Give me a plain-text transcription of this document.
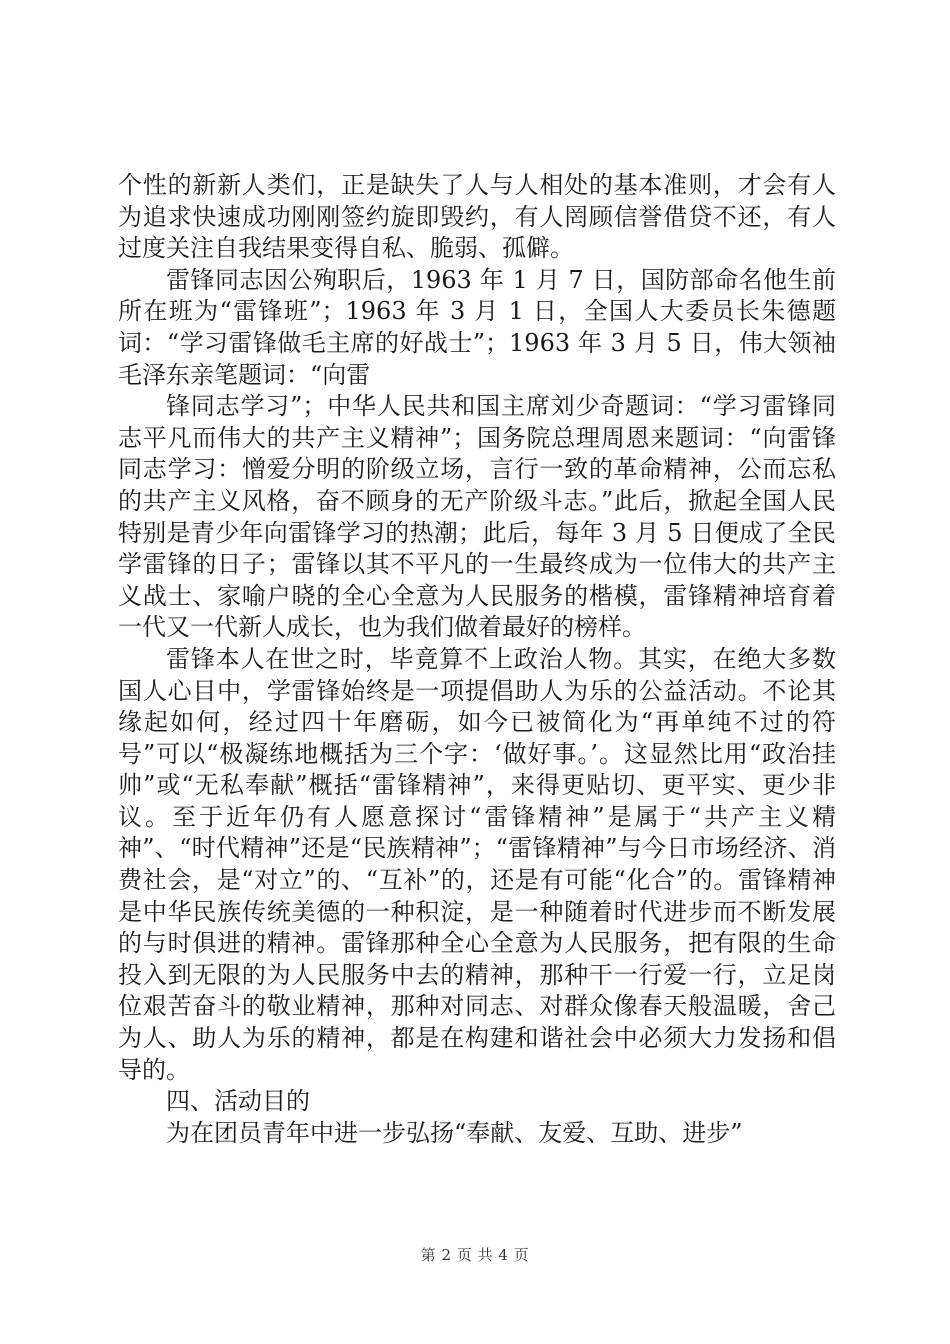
个性的新新人类们，正是缺失了人与人相处的基本准则，才会有人为追求快速成功刚刚签约旋即毁约，有人罔顾信誉借贷不还，有人过度关注自我结果变得自私、脆弱、孤僻。

雷锋同志因公殉职后，1963 年 1 月 7 日，国防部命名他生前所在班为“雷锋班”；1963 年 3 月 1 日，全国人大委员长朱德题词：“学习雷锋做毛主席的好战士”；1963 年 3 月 5 日，伟大领袖毛泽东亲笔题词：“向雷

锋同志学习”；中华人民共和国主席刘少奇题词：“学习雷锋同志平凡而伟大的共产主义精神”；国务院总理周恩来题词：“向雷锋同志学习：憎爱分明的阶级立场，言行一致的革命精神，公而忘私的共产主义风格，奋不顾身的无产阶级斗志。”此后，掀起全国人民特别是青少年向雷锋学习的热潮；此后，每年 3 月 5 日便成了全民学雷锋的日子；雷锋以其不平凡的一生最终成为一位伟大的共产主义战士、家喻户晓的全心全意为人民服务的楷模，雷锋精神培育着一代又一代新人成长，也为我们做着最好的榜样。

雷锋本人在世之时，毕竟算不上政治人物。其实，在绝大多数国人心目中，学雷锋始终是一项提倡助人为乐的公益活动。不论其缘起如何，经过四十年磨砺，如今已被简化为“再单纯不过的符号”可以“极凝练地概括为三个字：‘做好事。’。这显然比用“政治挂帅”或“无私奉献”概括“雷锋精神”，来得更贴切、更平实、更少非议。至于近年仍有人愿意探讨“雷锋精神”是属于“共产主义精神”、“时代精神”还是“民族精神”；“雷锋精神”与今日市场经济、消费社会，是“对立”的、“互补”的，还是有可能“化合”的。雷锋精神是中华民族传统美德的一种积淀，是一种随着时代进步而不断发展的与时俱进的精神。雷锋那种全心全意为人民服务，把有限的生命投入到无限的为人民服务中去的精神，那种干一行爱一行，立足岗位艰苦奋斗的敬业精神，那种对同志、对群众像春天般温暖，舍己为人、助人为乐的精神，都是在构建和谐社会中必须大力发扬和倡导的。

四、活动目的

为在团员青年中进一步弘扬“奉献、友爱、互助、进步”

第 2 页 共 4 页
